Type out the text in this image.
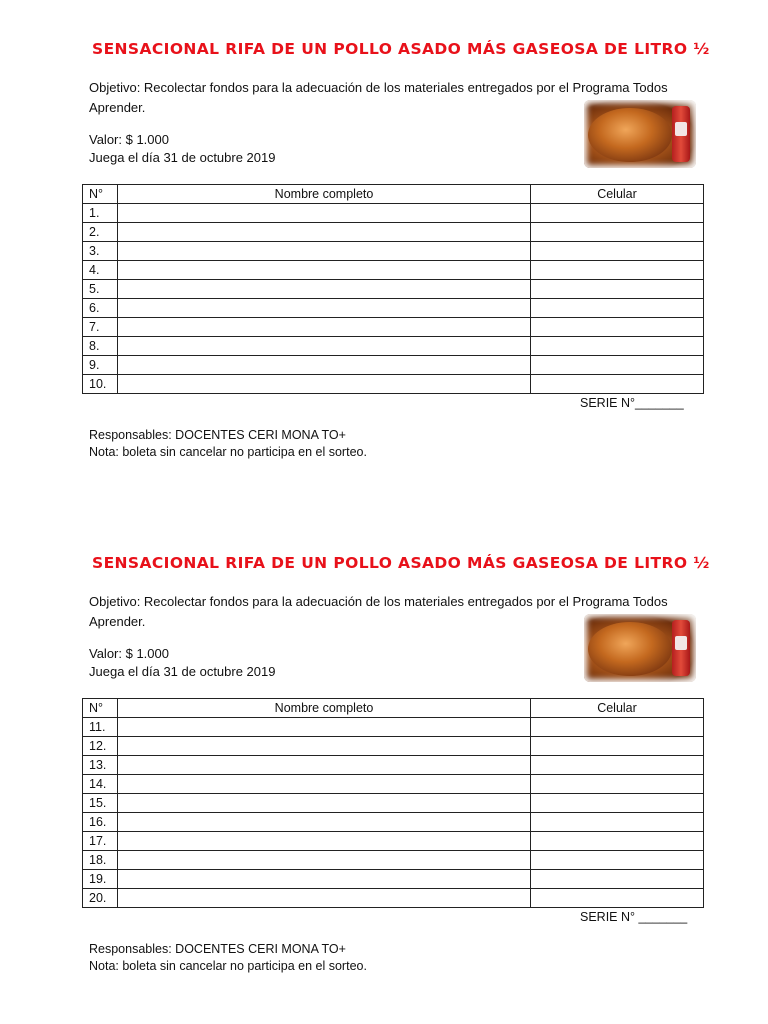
SENSACIONAL RIFA DE UN POLLO ASADO MÁS GASEOSA DE LITRO ½
Objetivo: Recolectar fondos para la adecuación de los materiales entregados por el Programa Todos Aprender.
Valor: $ 1.000
Juega el día 31 de octubre 2019
N°	Nombre completo	Celular
1.		
2.		
3.		
4.		
5.		
6.		
7.		
8.		
9.		
10.		
SERIE N°_______
Responsables: DOCENTES CERI MONA TO+
Nota: boleta sin cancelar no participa en el sorteo.
SENSACIONAL RIFA DE UN POLLO ASADO MÁS GASEOSA DE LITRO ½
Objetivo: Recolectar fondos para la adecuación de los materiales entregados por el Programa Todos Aprender.
Valor: $ 1.000
Juega el día 31 de octubre 2019
N°	Nombre completo	Celular
11.		
12.		
13.		
14.		
15.		
16.		
17.		
18.		
19.		
20.		
SERIE N° _______
Responsables: DOCENTES CERI MONA TO+
Nota: boleta sin cancelar no participa en el sorteo.
